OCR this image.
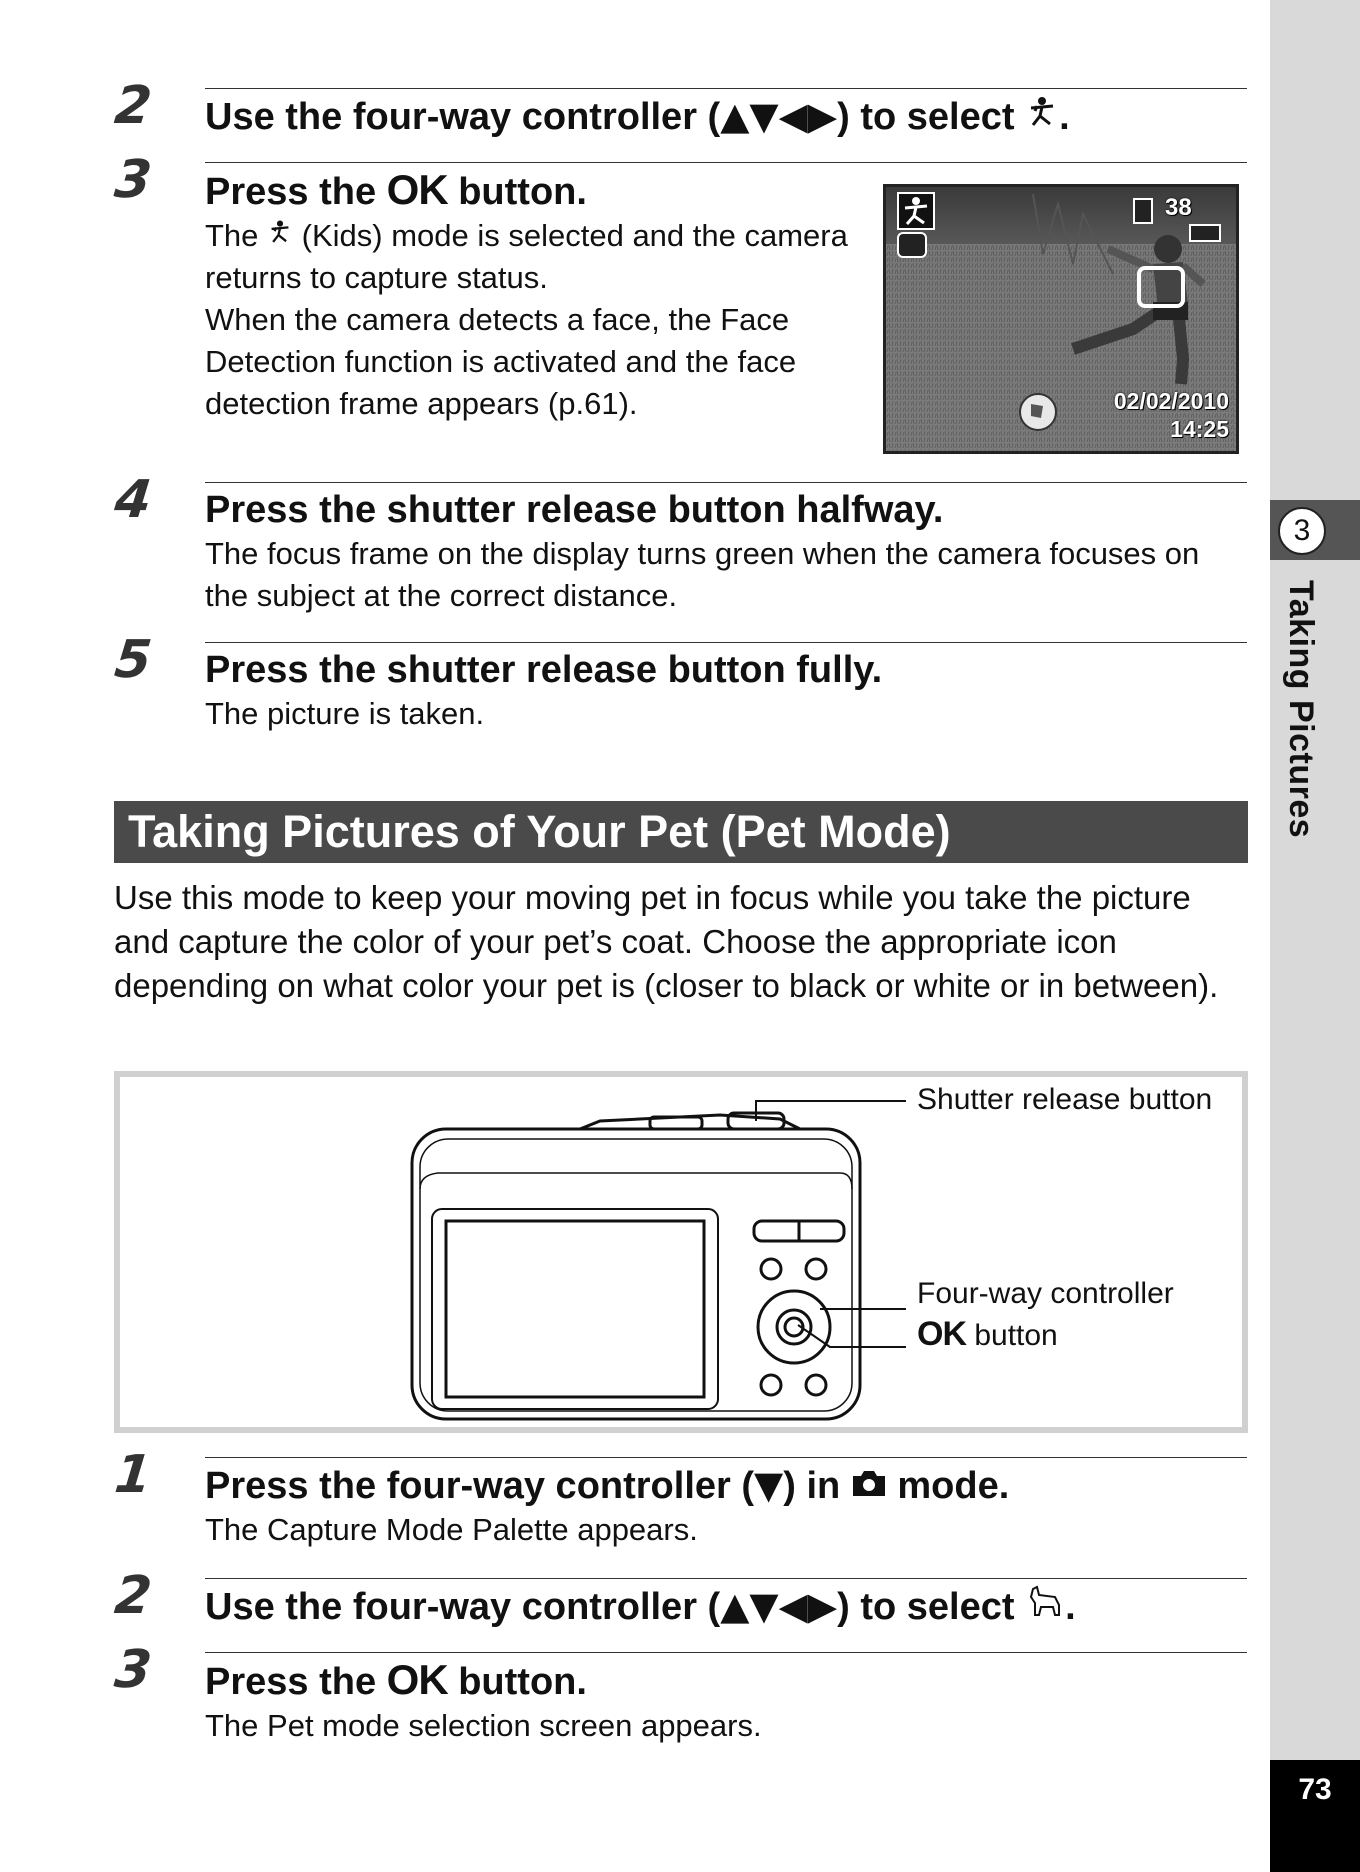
2 Use the four-way controller (▲▼◀▶) to select .
3 Press the OK button.
The  (Kids) mode is selected and the camera returns to capture status.
When the camera detects a face, the Face Detection function is activated and the face detection frame appears (p.61).
38
02/02/2010
14:25
4 Press the shutter release button halfway.
The focus frame on the display turns green when the camera focuses on the subject at the correct distance.
5 Press the shutter release button fully.
The picture is taken.
Taking Pictures of Your Pet (Pet Mode)
Use this mode to keep your moving pet in focus while you take the picture and capture the color of your pet’s coat. Choose the appropriate icon depending on what color your pet is (closer to black or white or in between).
Shutter release button
Four-way controller
OK button
1 Press the four-way controller (▼) in  mode.
The Capture Mode Palette appears.
2 Use the four-way controller (▲▼◀▶) to select .
3 Press the OK button.
The Pet mode selection screen appears.
3
Taking Pictures
73
